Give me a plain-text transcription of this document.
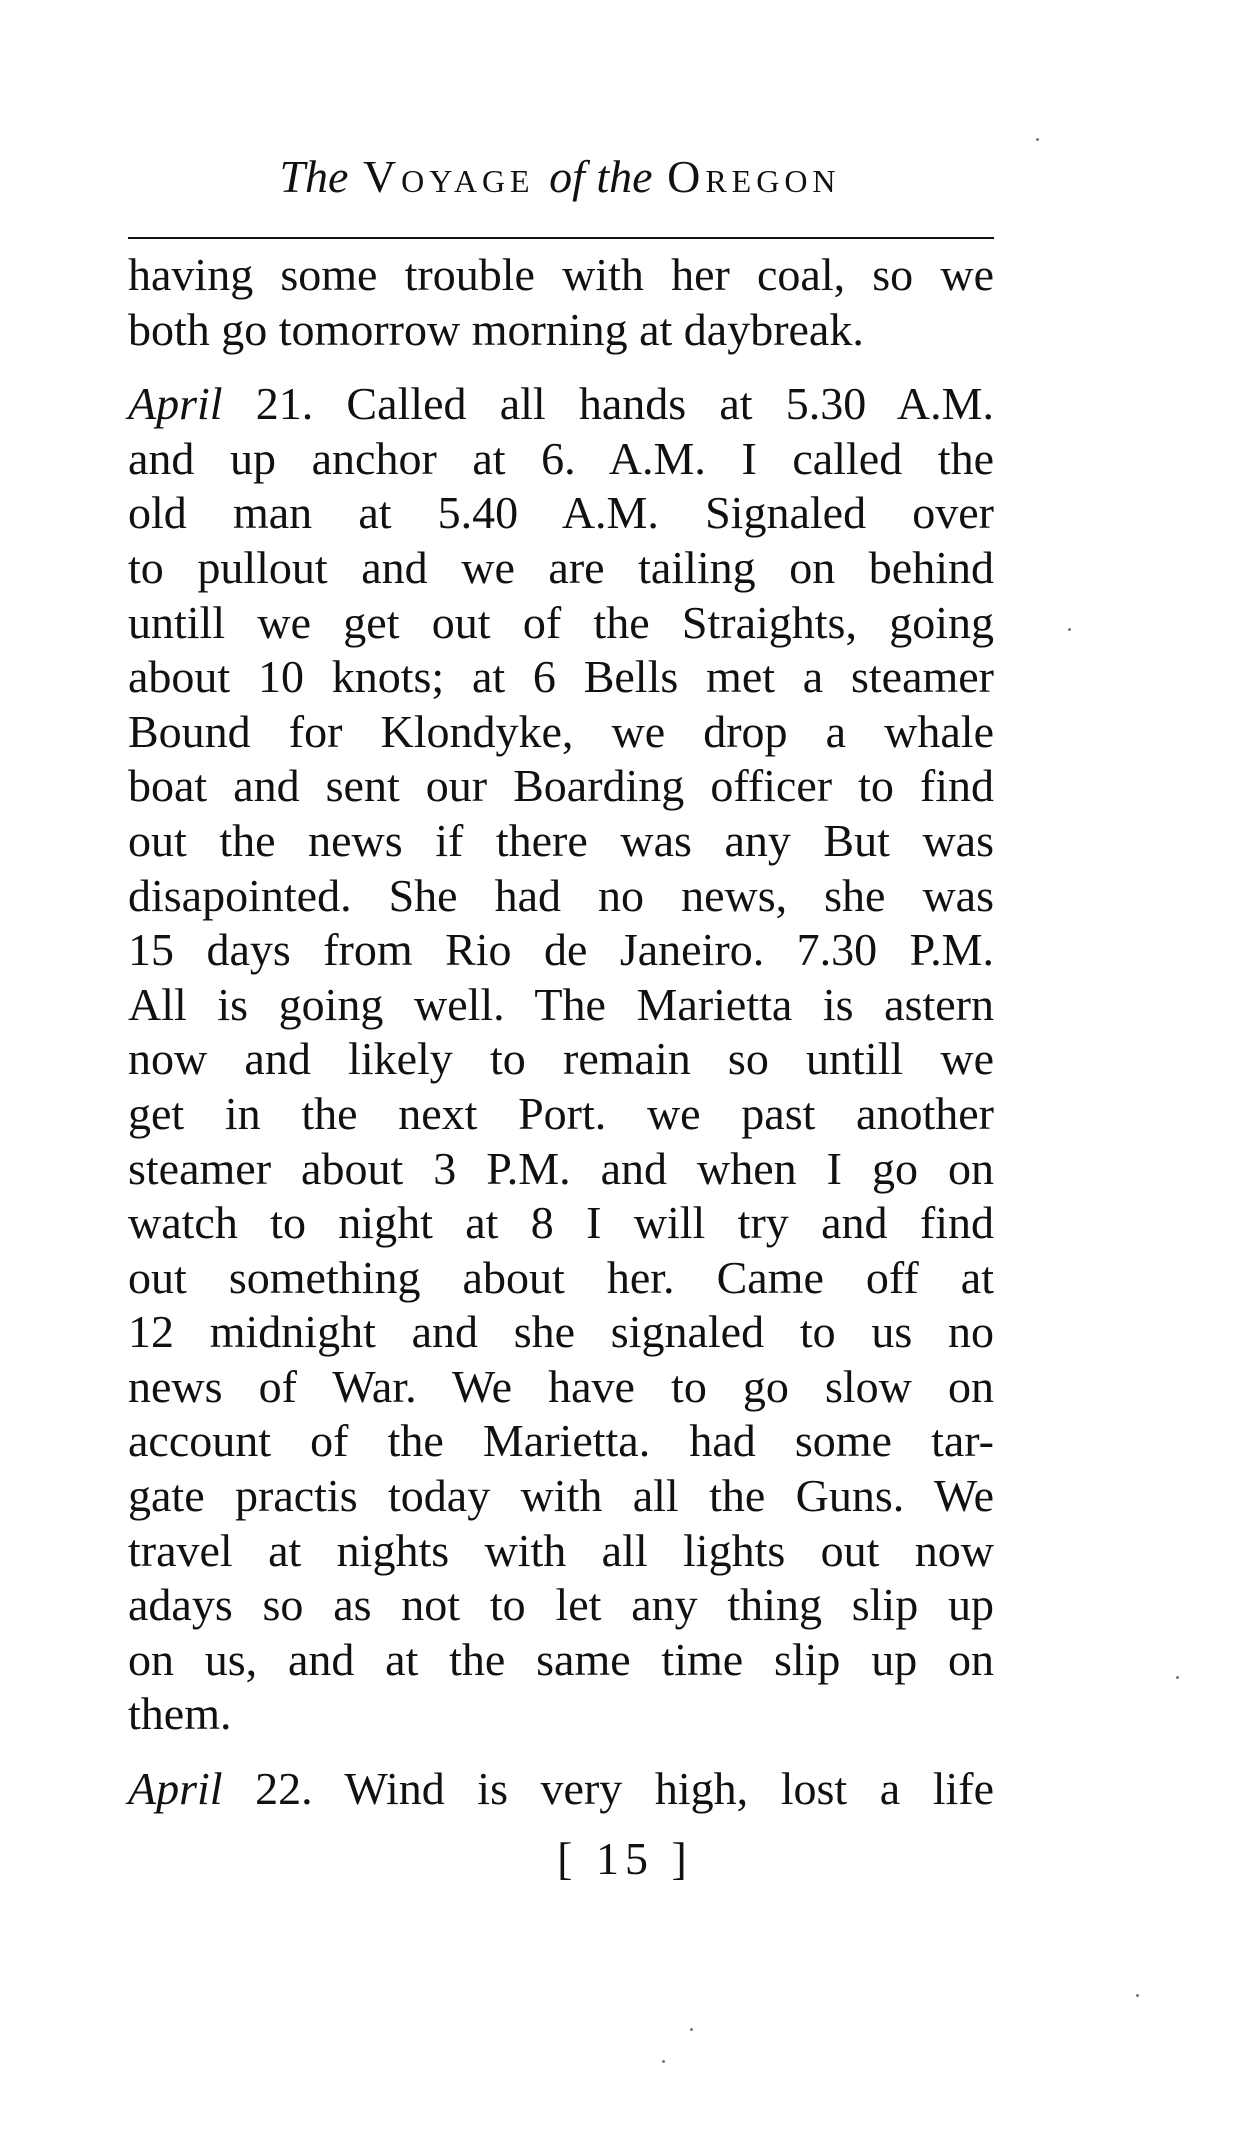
The Voyage of the Oregon
having some trouble with her coal, so we
both go tomorrow morning at daybreak.
April 21. Called all hands at 5.30 A.M.
and up anchor at 6. A.M. I called the
old man at 5.40 A.M. Signaled over
to pullout and we are tailing on behind
untill we get out of the Straights, going
about 10 knots; at 6 Bells met a steamer
Bound for Klondyke, we drop a whale
boat and sent our Boarding officer to find
out the news if there was any But was
disapointed. She had no news, she was
15 days from Rio de Janeiro. 7.30 P.M.
All is going well. The Marietta is astern
now and likely to remain so untill we
get in the next Port. we past another
steamer about 3 P.M. and when I go on
watch to night at 8 I will try and find
out something about her. Came off at
12 midnight and she signaled to us no
news of War. We have to go slow on
account of the Marietta. had some tar-
gate practis today with all the Guns. We
travel at nights with all lights out now
adays so as not to let any thing slip up
on us, and at the same time slip up on
them.
April 22. Wind is very high, lost a life
[ 15 ]
